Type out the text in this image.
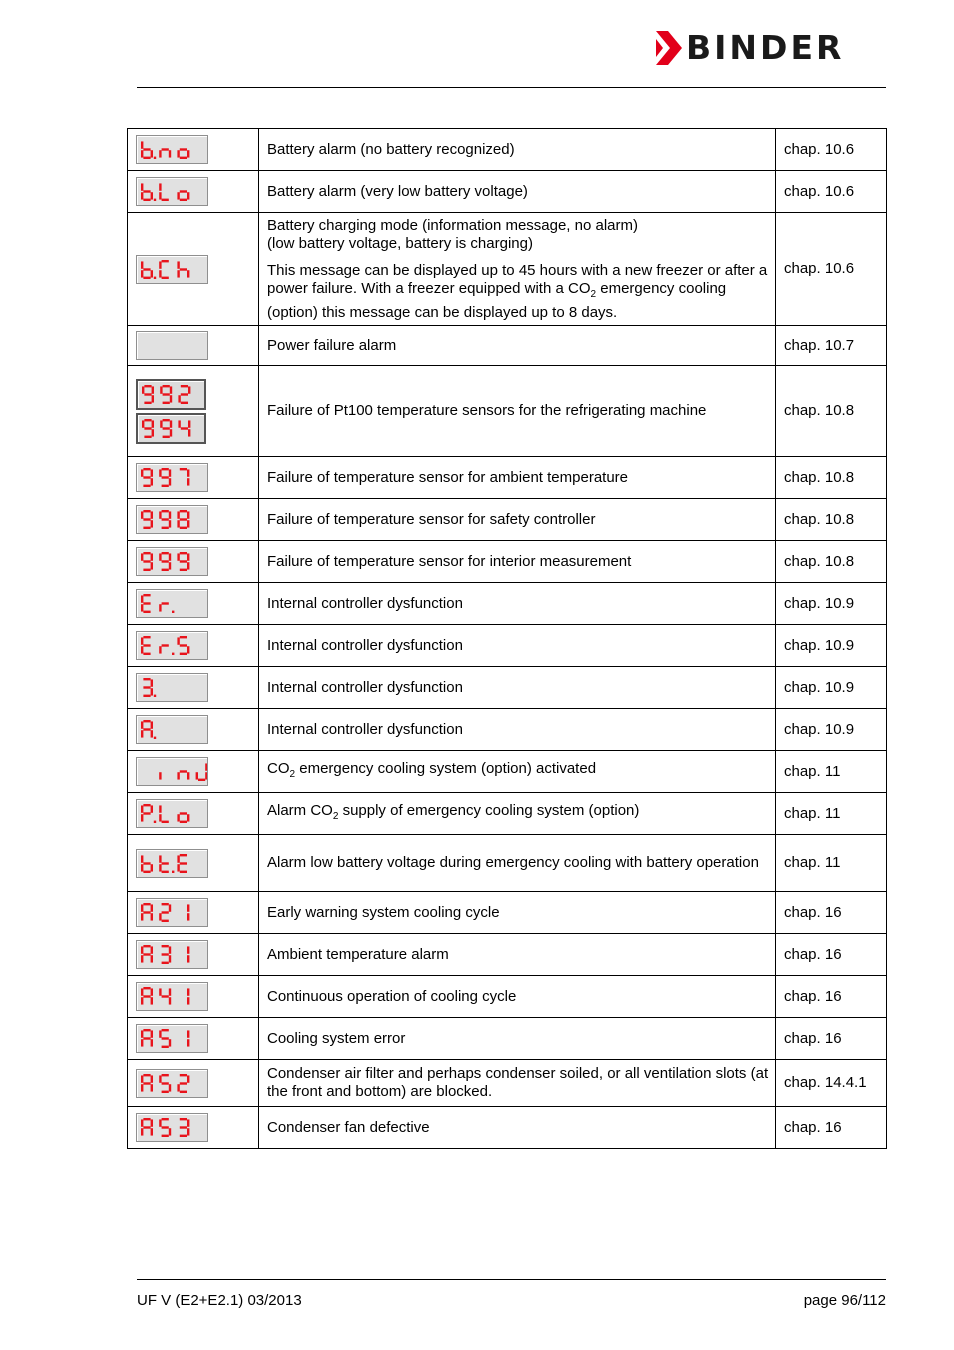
BINDER

Battery alarm (no battery recognized)	chap. 10.6

Battery alarm (very low battery voltage)	chap. 10.6

Battery charging mode (information message, no alarm)
(low battery voltage, battery is charging)
This message can be displayed up to 45 hours with a new freezer or after a power failure. With a freezer equipped with a $CO_2$ emergency cooling (option) this message can be displayed up to 8 days.	chap. 10.6

Power failure alarm	chap. 10.7

Failure of Pt100 temperature sensors for the refrigerating machine	chap. 10.8

Failure of temperature sensor for ambient temperature	chap. 10.8

Failure of temperature sensor for safety controller	chap. 10.8

Failure of temperature sensor for interior measurement	chap. 10.8

Internal controller dysfunction	chap. 10.9

Internal controller dysfunction	chap. 10.9

Internal controller dysfunction	chap. 10.9

Internal controller dysfunction	chap. 10.9

$CO_2$ emergency cooling system (option) activated	chap. 11

Alarm $CO_2$ supply of emergency cooling system (option)	chap. 11

Alarm low battery voltage during emergency cooling with battery operation	chap. 11

Early warning system cooling cycle	chap. 16

Ambient temperature alarm	chap. 16

Continuous operation of cooling cycle	chap. 16

Cooling system error	chap. 16

Condenser air filter and perhaps condenser soiled, or all ventilation slots (at the front and bottom) are blocked.	chap. 14.4.1

Condenser fan defective	chap. 16
UF V (E2+E2.1) 03/2013	page 96/112
